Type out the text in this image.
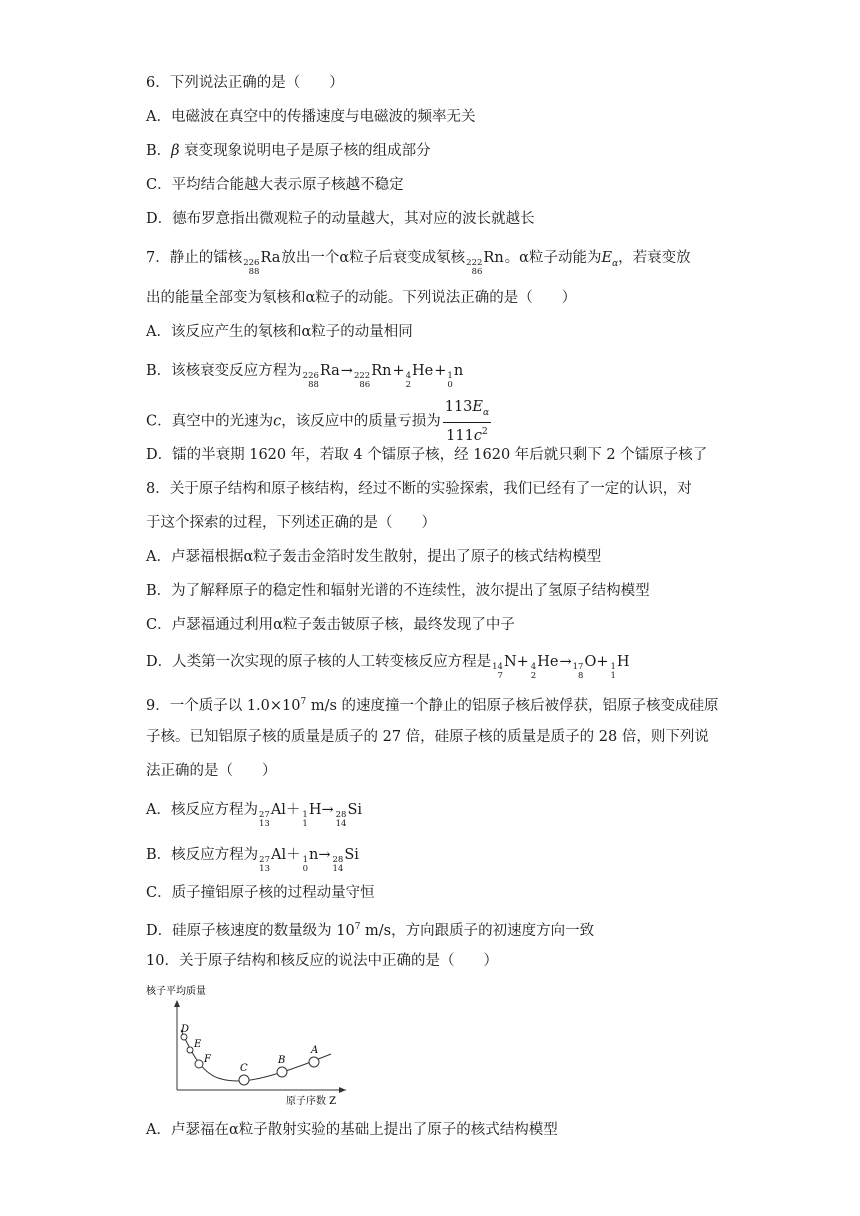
6．下列说法正确的是（　　）
A．电磁波在真空中的传播速度与电磁波的频率无关
B．β 衰变现象说明电子是原子核的组成部分
C．平均结合能越大表示原子核越不稳定
D．德布罗意指出微观粒子的动量越大，其对应的波长就越长
7．静止的镭核 226
88
Ra放出一个α粒子后衰变成氡核 222
86
Rn。α粒子动能为$E_\alpha$，若衰变放
出的能量全部变为氡核和α粒子的动能。下列说法正确的是（　　）
A．该反应产生的氡核和α粒子的动量相同
B．该核衰变反应方程为 226
88
Ra→ 222
86
Rn+ 4
2
He+ 1
0
n
C．真空中的光速为c，该反应中的质量亏损为 $\frac{113E_\alpha}{111c^2}$
D．镭的半衰期 1620 年，若取 4 个镭原子核，经 1620 年后就只剩下 2 个镭原子核了
8．关于原子结构和原子核结构，经过不断的实验探索，我们已经有了一定的认识，对
于这个探索的过程，下列述正确的是（　　）
A．卢瑟福根据α粒子轰击金箔时发生散射，提出了原子的核式结构模型
B．为了解释原子的稳定性和辐射光谱的不连续性，波尔提出了氢原子结构模型
C．卢瑟福通过利用α粒子轰击铍原子核，最终发现了中子
D．人类第一次实现的原子核的人工转变核反应方程是 14
7
N+ 4
2
He→ 17
8
O+ 1
1
H
9．一个质子以 $1.0\times 10^7$ m/s 的速度撞一个静止的铝原子核后被俘获，铝原子核变成硅原
子核。已知铝原子核的质量是质子的 27 倍，硅原子核的质量是质子的 28 倍，则下列说
法正确的是（　　）
A．核反应方程为 27
13
Al＋ 1
1
H→ 28
14
Si
B．核反应方程为 27
13
Al＋ 1
0
n→ 28
14
Si
C．质子撞铝原子核的过程动量守恒
D．硅原子核速度的数量级为 $10^7$ m/s，方向跟质子的初速度方向一致
10．关于原子结构和核反应的说法中正确的是（　　）
核子平均质量
原子序数 Z
D
E
F
C
B
A
A．卢瑟福在α粒子散射实验的基础上提出了原子的核式结构模型
